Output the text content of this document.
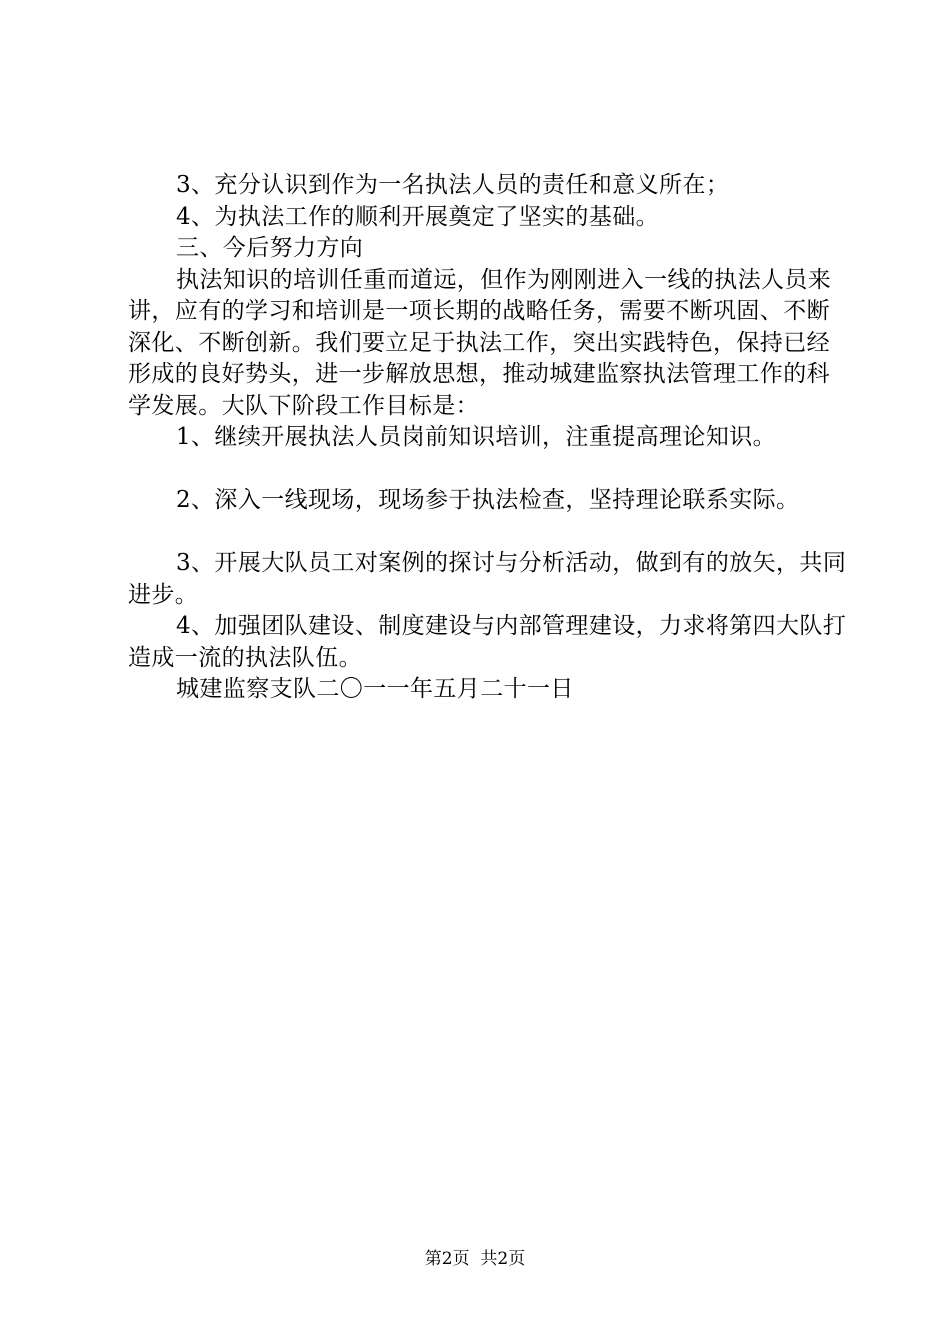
3、充分认识到作为一名执法人员的责任和意义所在；

4、为执法工作的顺利开展奠定了坚实的基础。

三、今后努力方向

执法知识的培训任重而道远，但作为刚刚进入一线的执法人员来讲，应有的学习和培训是一项长期的战略任务，需要不断巩固、不断深化、不断创新。我们要立足于执法工作，突出实践特色，保持已经形成的良好势头，进一步解放思想，推动城建监察执法管理工作的科学发展。大队下阶段工作目标是：

1、继续开展执法人员岗前知识培训，注重提高理论知识。

2、深入一线现场，现场参于执法检查，坚持理论联系实际。

3、开展大队员工对案例的探讨与分析活动，做到有的放矢，共同进步。

4、加强团队建设、制度建设与内部管理建设，力求将第四大队打造成一流的执法队伍。

城建监察支队二〇一一年五月二十一日

第2页  共2页
